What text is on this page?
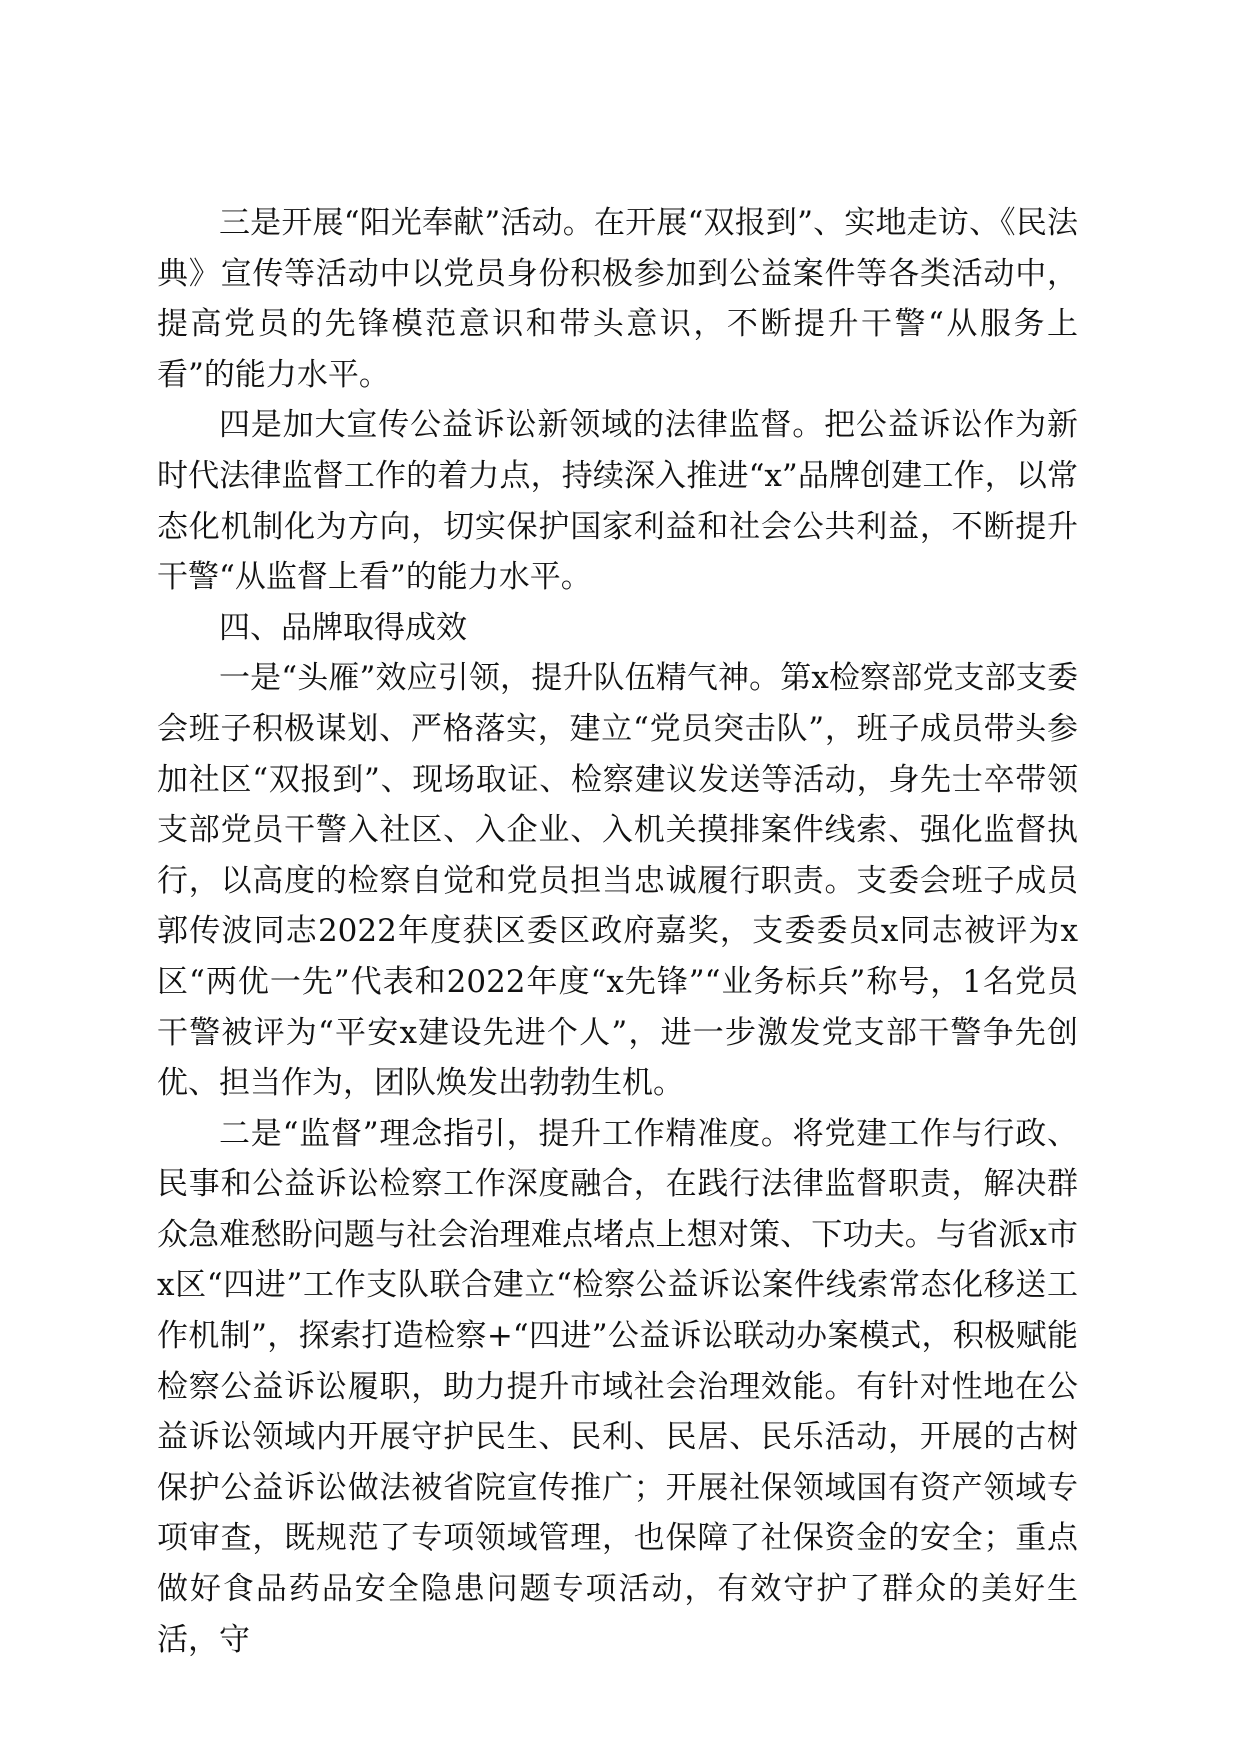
三是开展“阳光奉献”活动。在开展“双报到”、实地走访、《民法典》宣传等活动中以党员身份积极参加到公益案件等各类活动中，提高党员的先锋模范意识和带头意识，不断提升干警“从服务上看”的能力水平。

四是加大宣传公益诉讼新领域的法律监督。把公益诉讼作为新时代法律监督工作的着力点，持续深入推进“x”品牌创建工作，以常态化机制化为方向，切实保护国家利益和社会公共利益，不断提升干警“从监督上看”的能力水平。

四、品牌取得成效

一是“头雁”效应引领，提升队伍精气神。第x检察部党支部支委会班子积极谋划、严格落实，建立“党员突击队”，班子成员带头参加社区“双报到”、现场取证、检察建议发送等活动，身先士卒带领支部党员干警入社区、入企业、入机关摸排案件线索、强化监督执行，以高度的检察自觉和党员担当忠诚履行职责。支委会班子成员郭传波同志2022年度获区委区政府嘉奖，支委委员x同志被评为x区“两优一先”代表和2022年度“x先锋”“业务标兵”称号，1名党员干警被评为“平安x建设先进个人”，进一步激发党支部干警争先创优、担当作为，团队焕发出勃勃生机。

二是“监督”理念指引，提升工作精准度。将党建工作与行政、民事和公益诉讼检察工作深度融合，在践行法律监督职责，解决群众急难愁盼问题与社会治理难点堵点上想对策、下功夫。与省派x市x区“四进”工作支队联合建立“检察公益诉讼案件线索常态化移送工作机制”，探索打造检察+“四进”公益诉讼联动办案模式，积极赋能检察公益诉讼履职，助力提升市域社会治理效能。有针对性地在公益诉讼领域内开展守护民生、民利、民居、民乐活动，开展的古树保护公益诉讼做法被省院宣传推广；开展社保领域国有资产领域专项审查，既规范了专项领域管理，也保障了社保资金的安全；重点做好食品药品安全隐患问题专项活动，有效守护了群众的美好生活，守
